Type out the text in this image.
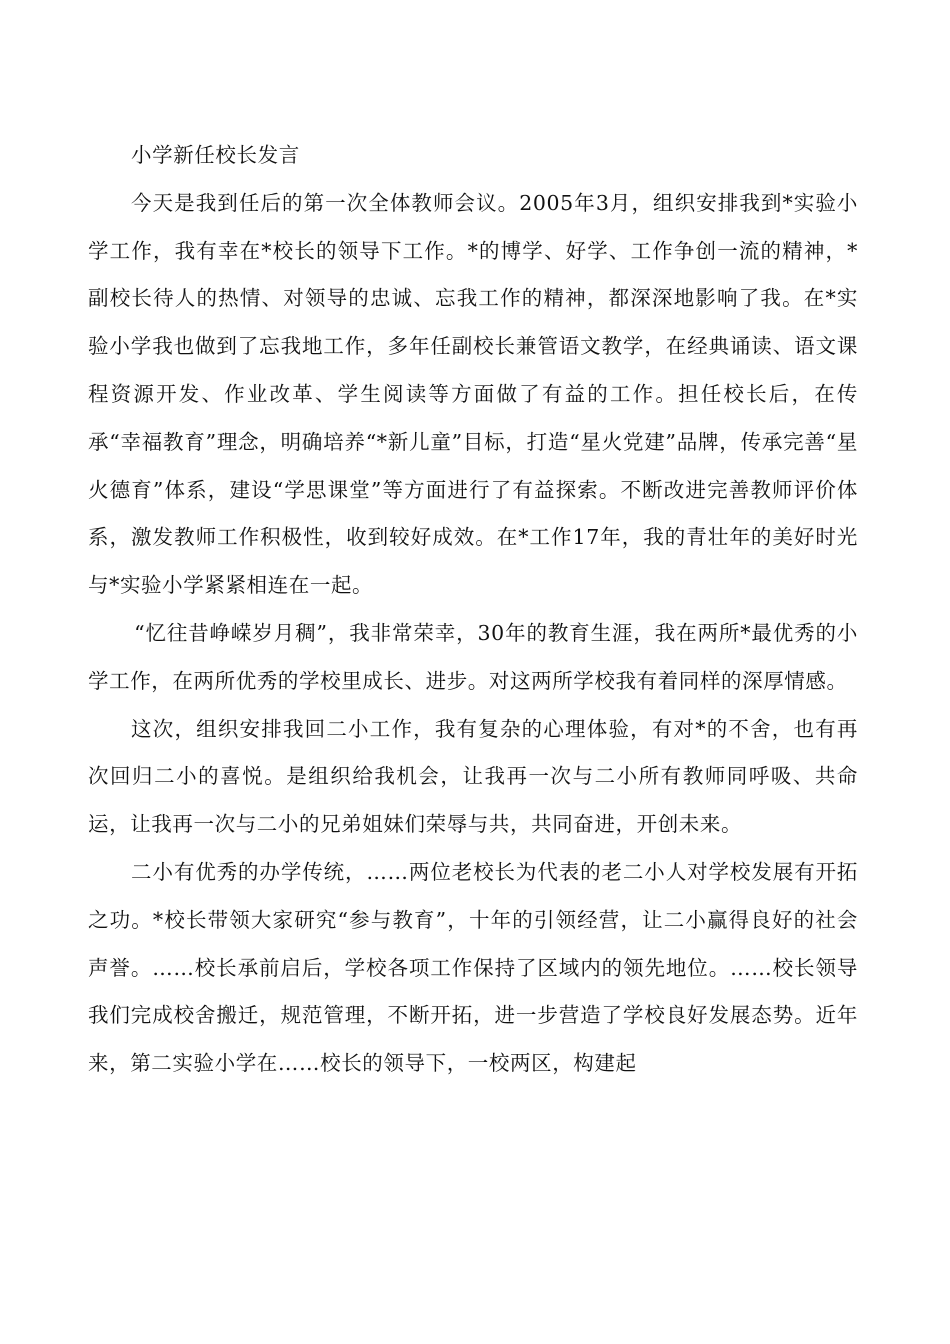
小学新任校长发言

今天是我到任后的第一次全体教师会议。2005年3月，组织安排我到*实验小学工作，我有幸在*校长的领导下工作。*的博学、好学、工作争创一流的精神，*副校长待人的热情、对领导的忠诚、忘我工作的精神，都深深地影响了我。在*实验小学我也做到了忘我地工作，多年任副校长兼管语文教学，在经典诵读、语文课程资源开发、作业改革、学生阅读等方面做了有益的工作。担任校长后，在传承“幸福教育”理念，明确培养“*新儿童”目标，打造“星火党建”品牌，传承完善“星火德育”体系，建设“学思课堂”等方面进行了有益探索。不断改进完善教师评价体系，激发教师工作积极性，收到较好成效。在*工作17年，我的青壮年的美好时光与*实验小学紧紧相连在一起。

“忆往昔峥嵘岁月稠”，我非常荣幸，30年的教育生涯，我在两所*最优秀的小学工作，在两所优秀的学校里成长、进步。对这两所学校我有着同样的深厚情感。

这次，组织安排我回二小工作，我有复杂的心理体验，有对*的不舍，也有再次回归二小的喜悦。是组织给我机会，让我再一次与二小所有教师同呼吸、共命运，让我再一次与二小的兄弟姐妹们荣辱与共，共同奋进，开创未来。

二小有优秀的办学传统，……两位老校长为代表的老二小人对学校发展有开拓之功。*校长带领大家研究“参与教育”，十年的引领经营，让二小赢得良好的社会声誉。……校长承前启后，学校各项工作保持了区域内的领先地位。……校长领导我们完成校舍搬迁，规范管理，不断开拓，进一步营造了学校良好发展态势。近年来，第二实验小学在……校长的领导下，一校两区，构建起
